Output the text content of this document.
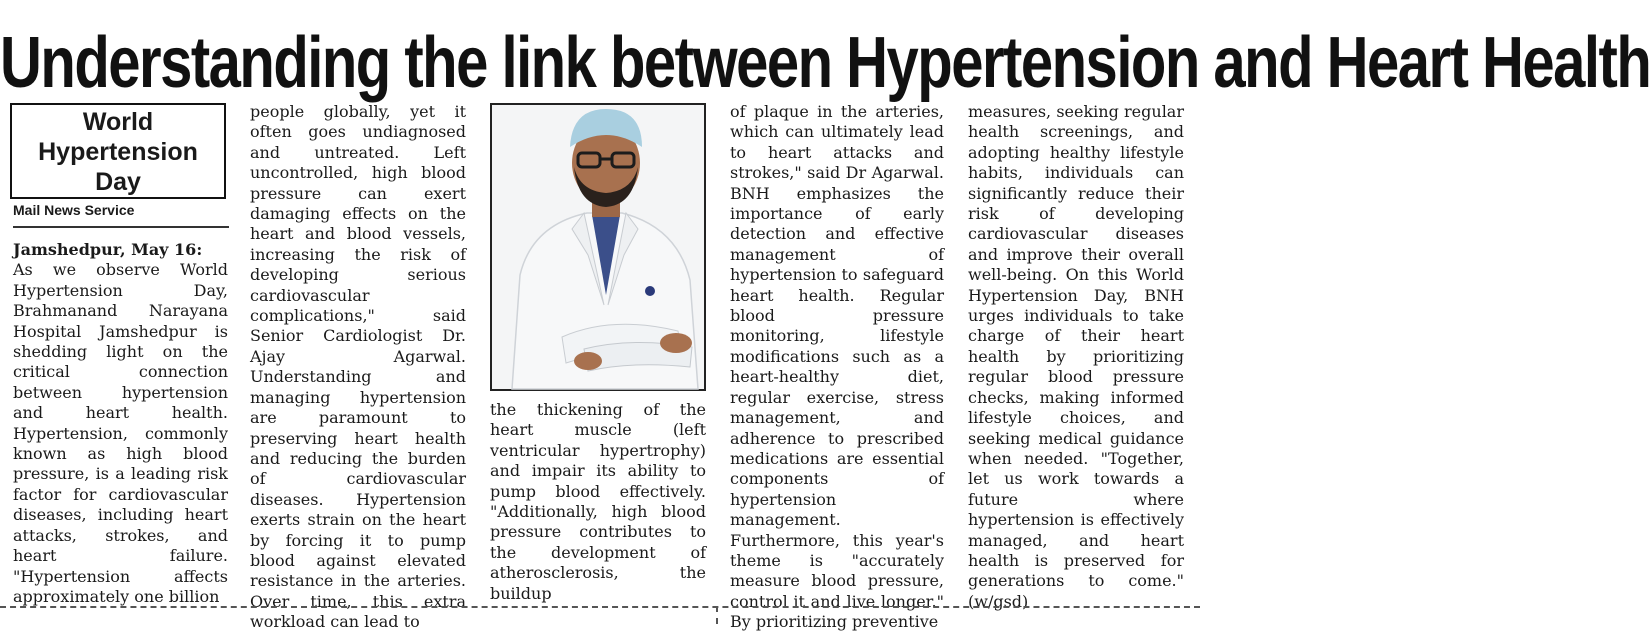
Understanding the link between Hypertension and Heart Health
World
Hypertension
Day
Mail News Service

Jamshedpur, May 16:

As we observe World Hypertension Day, Brahmanand Narayana Hospital Jamshedpur is shedding light on the critical connection between hypertension and heart health. Hypertension, commonly known as high blood pressure, is a leading risk factor for cardiovascular diseases, including heart attacks, strokes, and heart failure. "Hypertension affects approximately one billion

people globally, yet it often goes undiagnosed and untreated. Left uncontrolled, high blood pressure can exert damaging effects on the heart and blood vessels, increasing the risk of developing serious cardiovascular complications," said Senior Cardiologist Dr. Ajay Agarwal. Understanding and managing hypertension are paramount to preserving heart health and reducing the burden of cardiovascular diseases. Hypertension exerts strain on the heart by forcing it to pump blood against elevated resistance in the arteries. Over time, this extra workload can lead to

the thickening of the heart muscle (left ventricular hypertrophy) and impair its ability to pump blood effectively. "Additionally, high blood pressure contributes to the development of atherosclerosis, the buildup

of plaque in the arteries, which can ultimately lead to heart attacks and strokes," said Dr Agarwal. BNH emphasizes the importance of early detection and effective management of hypertension to safeguard heart health. Regular blood pressure monitoring, lifestyle modifications such as a heart-healthy diet, regular exercise, stress management, and adherence to prescribed medications are essential components of hypertension management. Furthermore, this year's theme is "accurately measure blood pressure, control it and live longer." By prioritizing preventive

measures, seeking regular health screenings, and adopting healthy lifestyle habits, individuals can significantly reduce their risk of developing cardiovascular diseases and improve their overall well-being. On this World Hypertension Day, BNH urges individuals to take charge of their heart health by prioritizing regular blood pressure checks, making informed lifestyle choices, and seeking medical guidance when needed. "Together, let us work towards a future where hypertension is effectively managed, and heart health is preserved for generations to come." (w/gsd)
